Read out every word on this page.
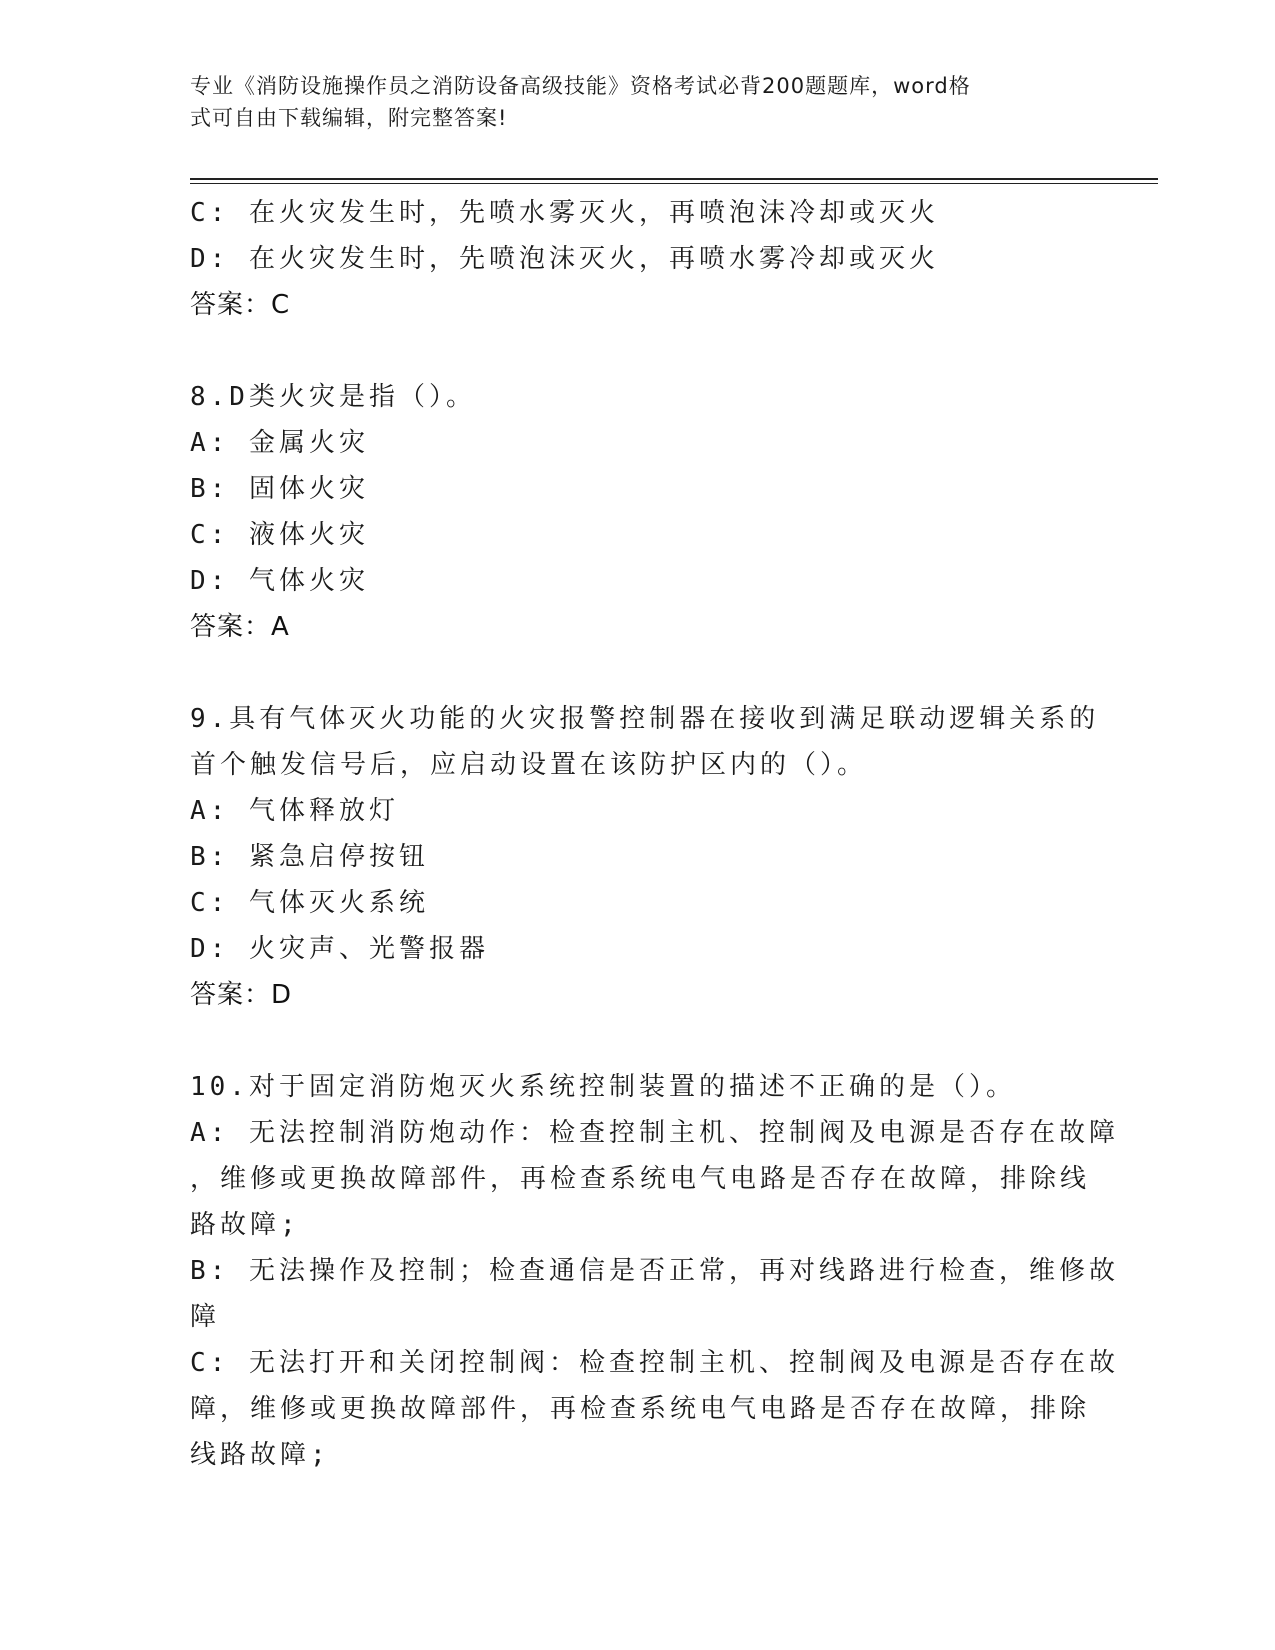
专业《消防设施操作员之消防设备高级技能》资格考试必背200题题库，word格
式可自由下载编辑，附完整答案!
C: 在火灾发生时，先喷水雾灭火，再喷泡沫冷却或灭火
D: 在火灾发生时，先喷泡沫灭火，再喷水雾冷却或灭火
答案：C
8.D类火灾是指（）。
A: 金属火灾
B: 固体火灾
C: 液体火灾
D: 气体火灾
答案：A
9.具有气体灭火功能的火灾报警控制器在接收到满足联动逻辑关系的
首个触发信号后，应启动设置在该防护区内的（）。
A: 气体释放灯
B: 紧急启停按钮
C: 气体灭火系统
D: 火灾声、光警报器
答案：D
10.对于固定消防炮灭火系统控制装置的描述不正确的是（）。
A: 无法控制消防炮动作：检查控制主机、控制阀及电源是否存在故障
，维修或更换故障部件，再检查系统电气电路是否存在故障，排除线
路故障;
B: 无法操作及控制；检查通信是否正常，再对线路进行检查，维修故
障
C: 无法打开和关闭控制阀：检查控制主机、控制阀及电源是否存在故
障，维修或更换故障部件，再检查系统电气电路是否存在故障，排除
线路故障;
